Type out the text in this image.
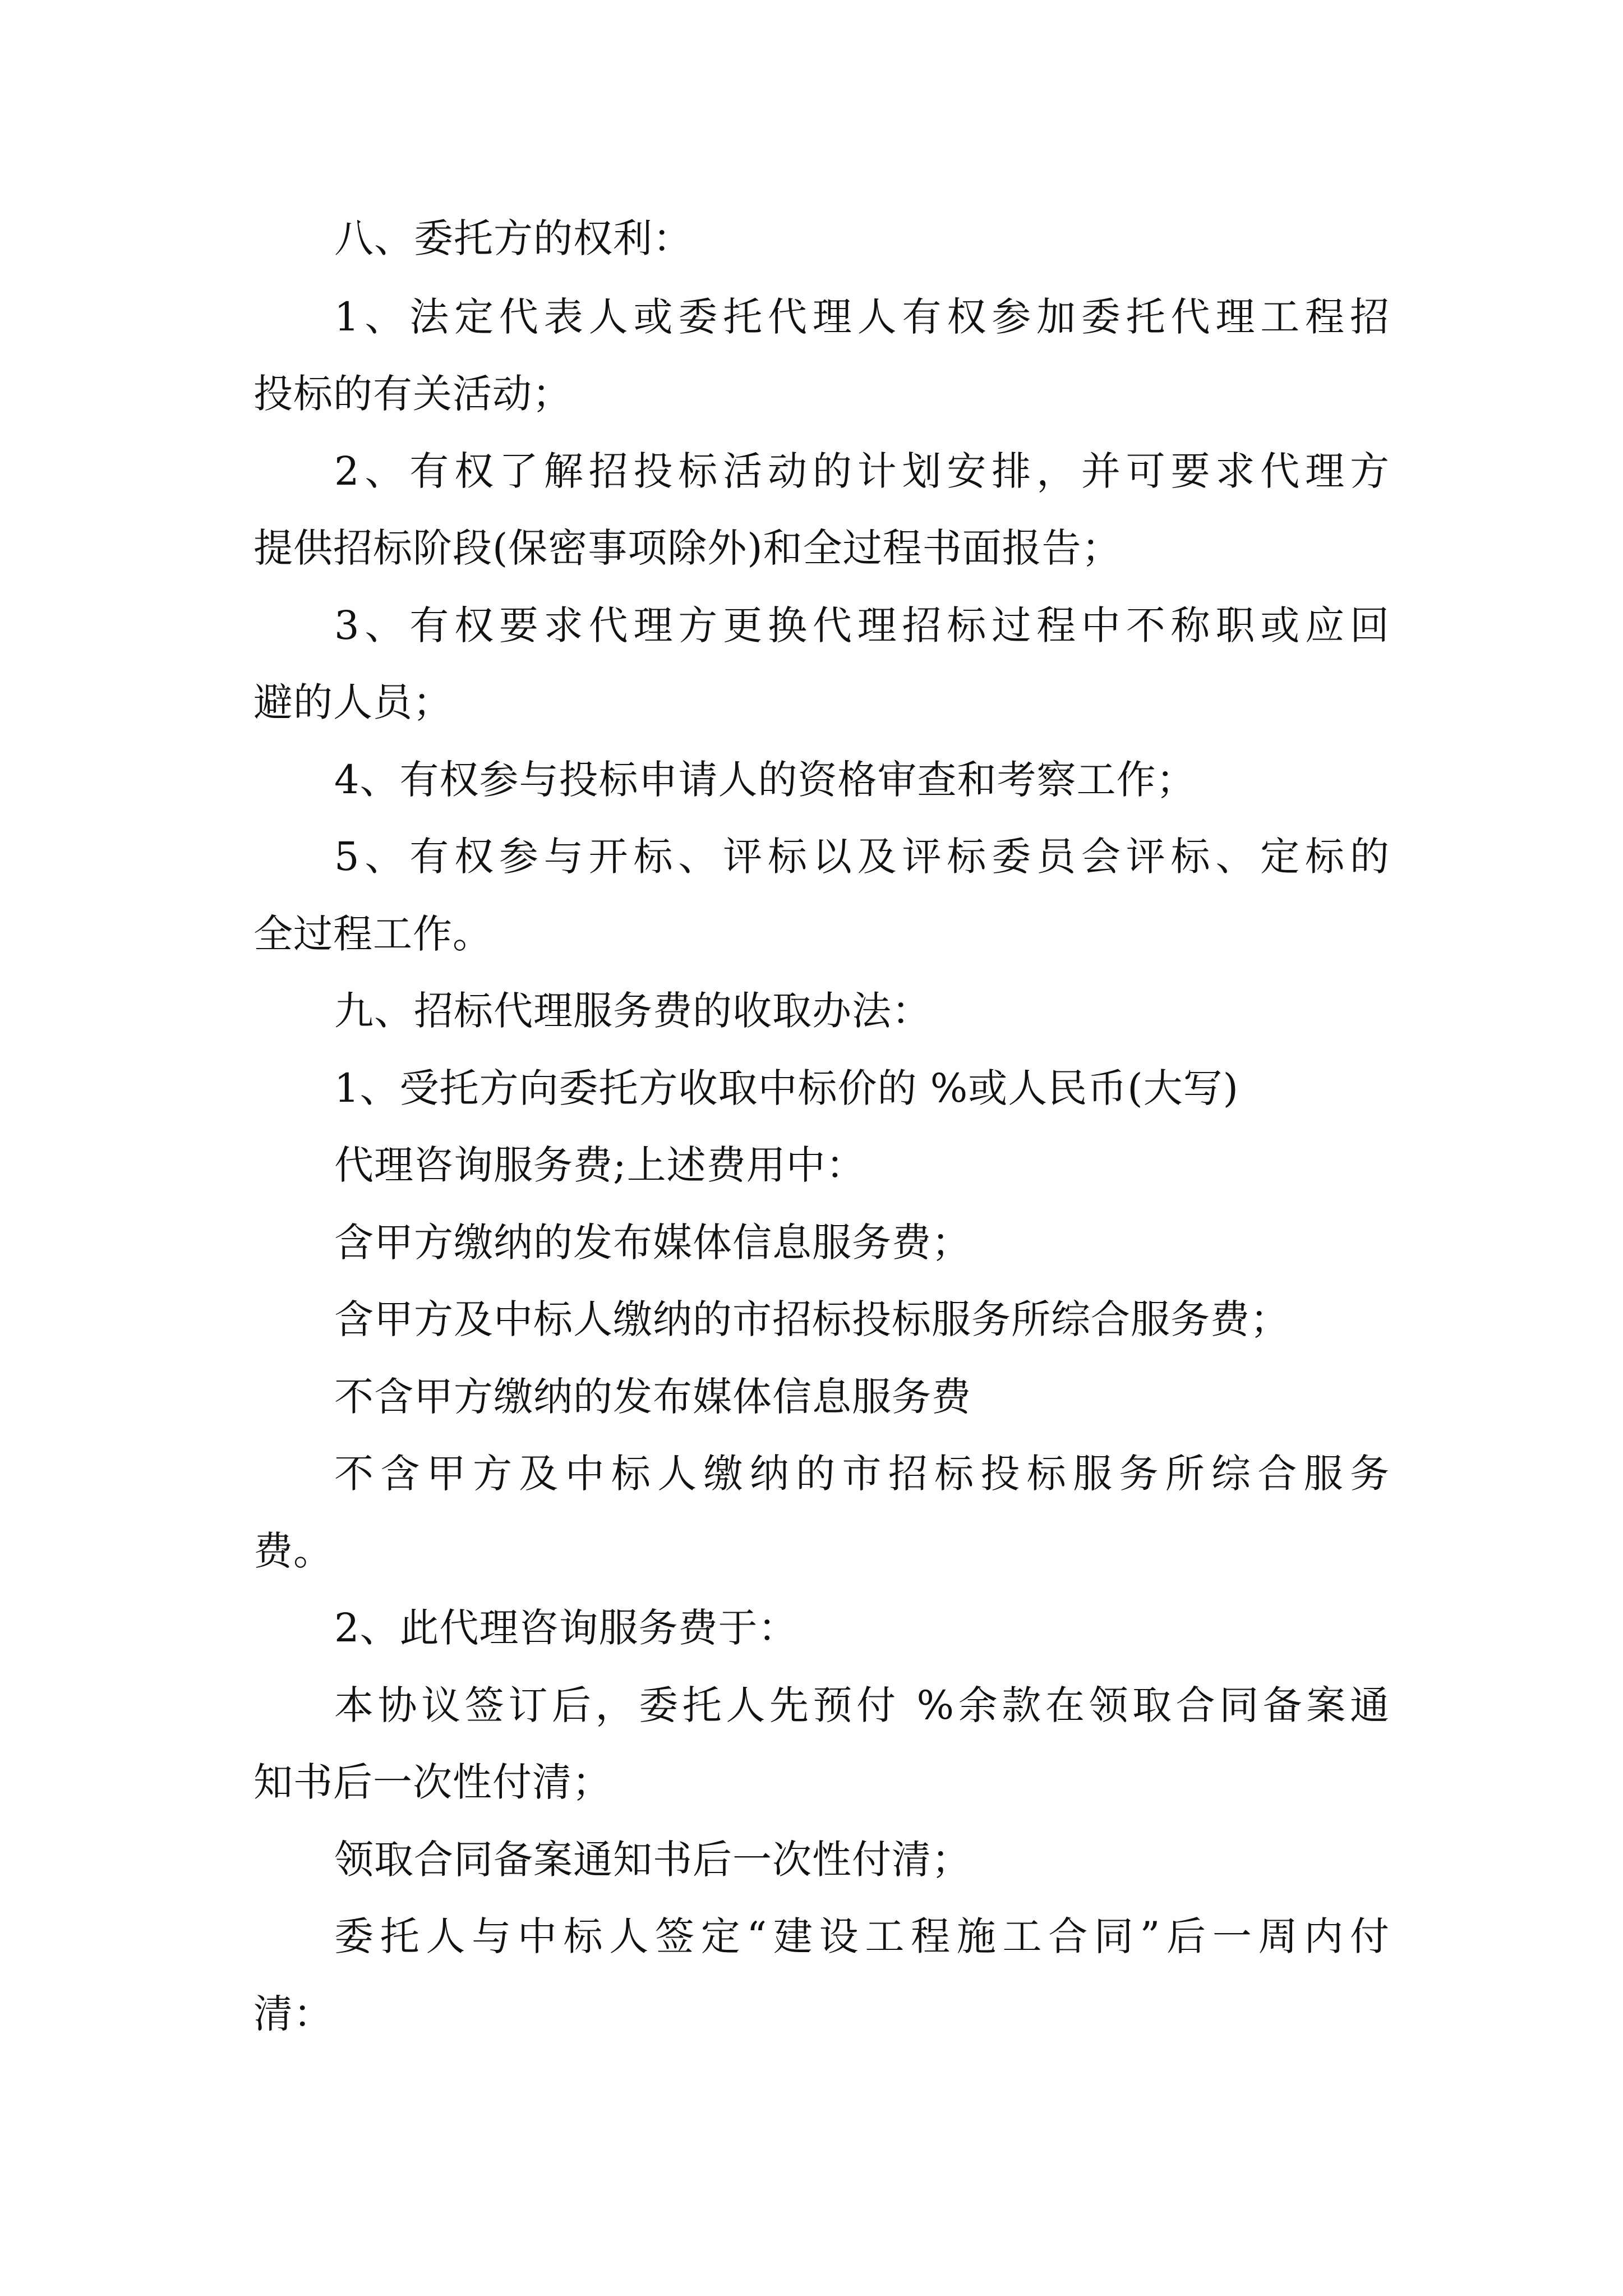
八、委托方的权利：

1、法定代表人或委托代理人有权参加委托代理工程招

投标的有关活动；

2、有权了解招投标活动的计划安排，并可要求代理方

提供招标阶段(保密事项除外)和全过程书面报告；

3、有权要求代理方更换代理招标过程中不称职或应回

避的人员；

4、有权参与投标申请人的资格审查和考察工作；

5、有权参与开标、评标以及评标委员会评标、定标的

全过程工作。

九、招标代理服务费的收取办法：

1、受托方向委托方收取中标价的 %或人民币(大写)

代理咨询服务费;上述费用中：

含甲方缴纳的发布媒体信息服务费；

含甲方及中标人缴纳的市招标投标服务所综合服务费；

不含甲方缴纳的发布媒体信息服务费

不含甲方及中标人缴纳的市招标投标服务所综合服务

费。

2、此代理咨询服务费于：

本协议签订后，委托人先预付 %余款在领取合同备案通

知书后一次性付清；

领取合同备案通知书后一次性付清；

委托人与中标人签定“建设工程施工合同”后一周内付

清：
